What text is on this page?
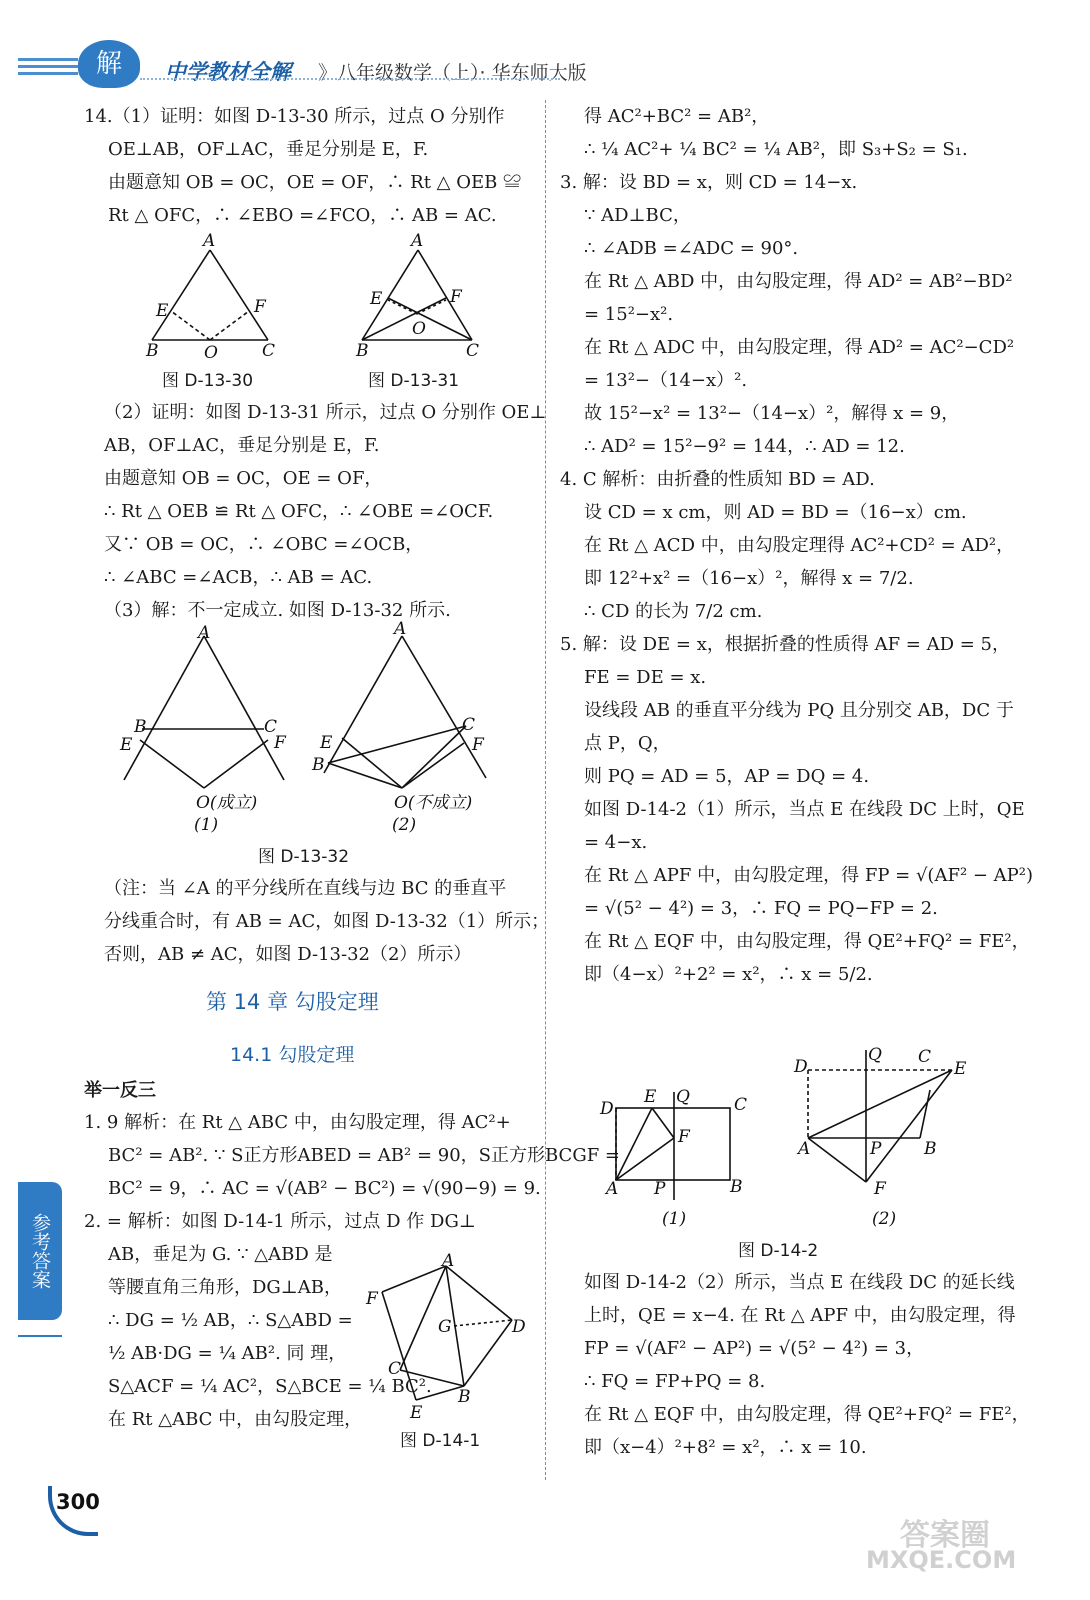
解	中学教材全解 》八年级数学（上）· 华东师大版

14.（1）证明：如图 D-13-30 所示，过点 O 分别作

OE⊥AB，OF⊥AC，垂足分别是 E，F.

由题意知 OB = OC，OE = OF，∴ Rt △ OEB ≌

Rt △ OFC，∴ ∠EBO =∠FCO，∴ AB = AC.

A
E	F
B	O	C
图 D-13-30
A
E	F
O
B	C
图 D-13-31

（2）证明：如图 D-13-31 所示，过点 O 分别作 OE⊥

AB，OF⊥AC，垂足分别是 E，F.

由题意知 OB = OC，OE = OF，

∴ Rt △ OEB ≌ Rt △ OFC，∴ ∠OBE =∠OCF.

又∵ OB = OC，∴ ∠OBC =∠OCB，

∴ ∠ABC =∠ACB，∴ AB = AC.

（3）解：不一定成立. 如图 D-13-32 所示.

A
B	C
E	F
A
B
C
E	F
O(成立)	O(不成立)
(1)	(2)
图 D-13-32

（注：当 ∠A 的平分线所在直线与边 BC 的垂直平

分线重合时，有 AB = AC，如图 D-13-32（1）所示；

否则，AB ≠ AC，如图 D-13-32（2）所示）

第 14 章 勾股定理
14.1 勾股定理
举一反三

1. 9 解析：在 Rt △ ABC 中，由勾股定理，得 AC²+

BC² = AB². ∵ S正方形ABED = AB² = 90，S正方形BCGF =

BC² = 9，∴ AC = √(AB² − BC²) = √(90−9) = 9.

2. = 解析：如图 D-14-1 所示，过点 D 作 DG⊥

AB，垂足为 G. ∵ △ABD 是

等腰直角三角形，DG⊥AB，

∴ DG = ½ AB，∴ S△ABD =

½ AB·DG = ¼ AB². 同 理，

S△ACF = ¼ AC²，S△BCE = ¼ BC².

在 Rt △ABC 中，由勾股定理，

A
F
G	D
C
B
E
图 D-14-1

得 AC²+BC² = AB²，

∴ ¼ AC²+ ¼ BC² = ¼ AB²，即 S₃+S₂ = S₁.

3. 解：设 BD = x，则 CD = 14−x.

∵ AD⊥BC，

∴ ∠ADB =∠ADC = 90°.

在 Rt △ ABD 中，由勾股定理，得 AD² = AB²−BD²

= 15²−x².

在 Rt △ ADC 中，由勾股定理，得 AD² = AC²−CD²

= 13²−（14−x）².

故 15²−x² = 13²−（14−x）²，解得 x = 9，

∴ AD² = 15²−9² = 144，∴ AD = 12.

4. C 解析：由折叠的性质知 BD = AD.

设 CD = x cm，则 AD = BD =（16−x）cm.

在 Rt △ ACD 中，由勾股定理得 AC²+CD² = AD²，

即 12²+x² =（16−x）²，解得 x = 7/2.

∴ CD 的长为 7/2 cm.

5. 解：设 DE = x，根据折叠的性质得 AF = AD = 5，

FE = DE = x.

设线段 AB 的垂直平分线为 PQ 且分别交 AB，DC 于

点 P，Q，

则 PQ = AD = 5，AP = DQ = 4.

如图 D-14-2（1）所示，当点 E 在线段 DC 上时，QE

= 4−x.

在 Rt △ APF 中，由勾股定理，得 FP = √(AF² − AP²)

= √(5² − 4²) = 3，∴ FQ = PQ−FP = 2.

在 Rt △ EQF 中，由勾股定理，得 QE²+FQ² = FE²，

即（4−x）²+2² = x²，∴ x = 5/2.

D
E Q	C
F
A P	B
D
Q C
E
A	P	B
F
(1)	(2)
图 D-14-2

如图 D-14-2（2）所示，当点 E 在线段 DC 的延长线

上时，QE = x−4. 在 Rt △ APF 中，由勾股定理，得

FP = √(AF² − AP²) = √(5² − 4²) = 3，

∴ FQ = FP+PQ = 8.

在 Rt △ EQF 中，由勾股定理，得 QE²+FQ² = FE²，

即（x−4）²+8² = x²，∴ x = 10.

参考答案
300
答案圈
MXQE.COM
